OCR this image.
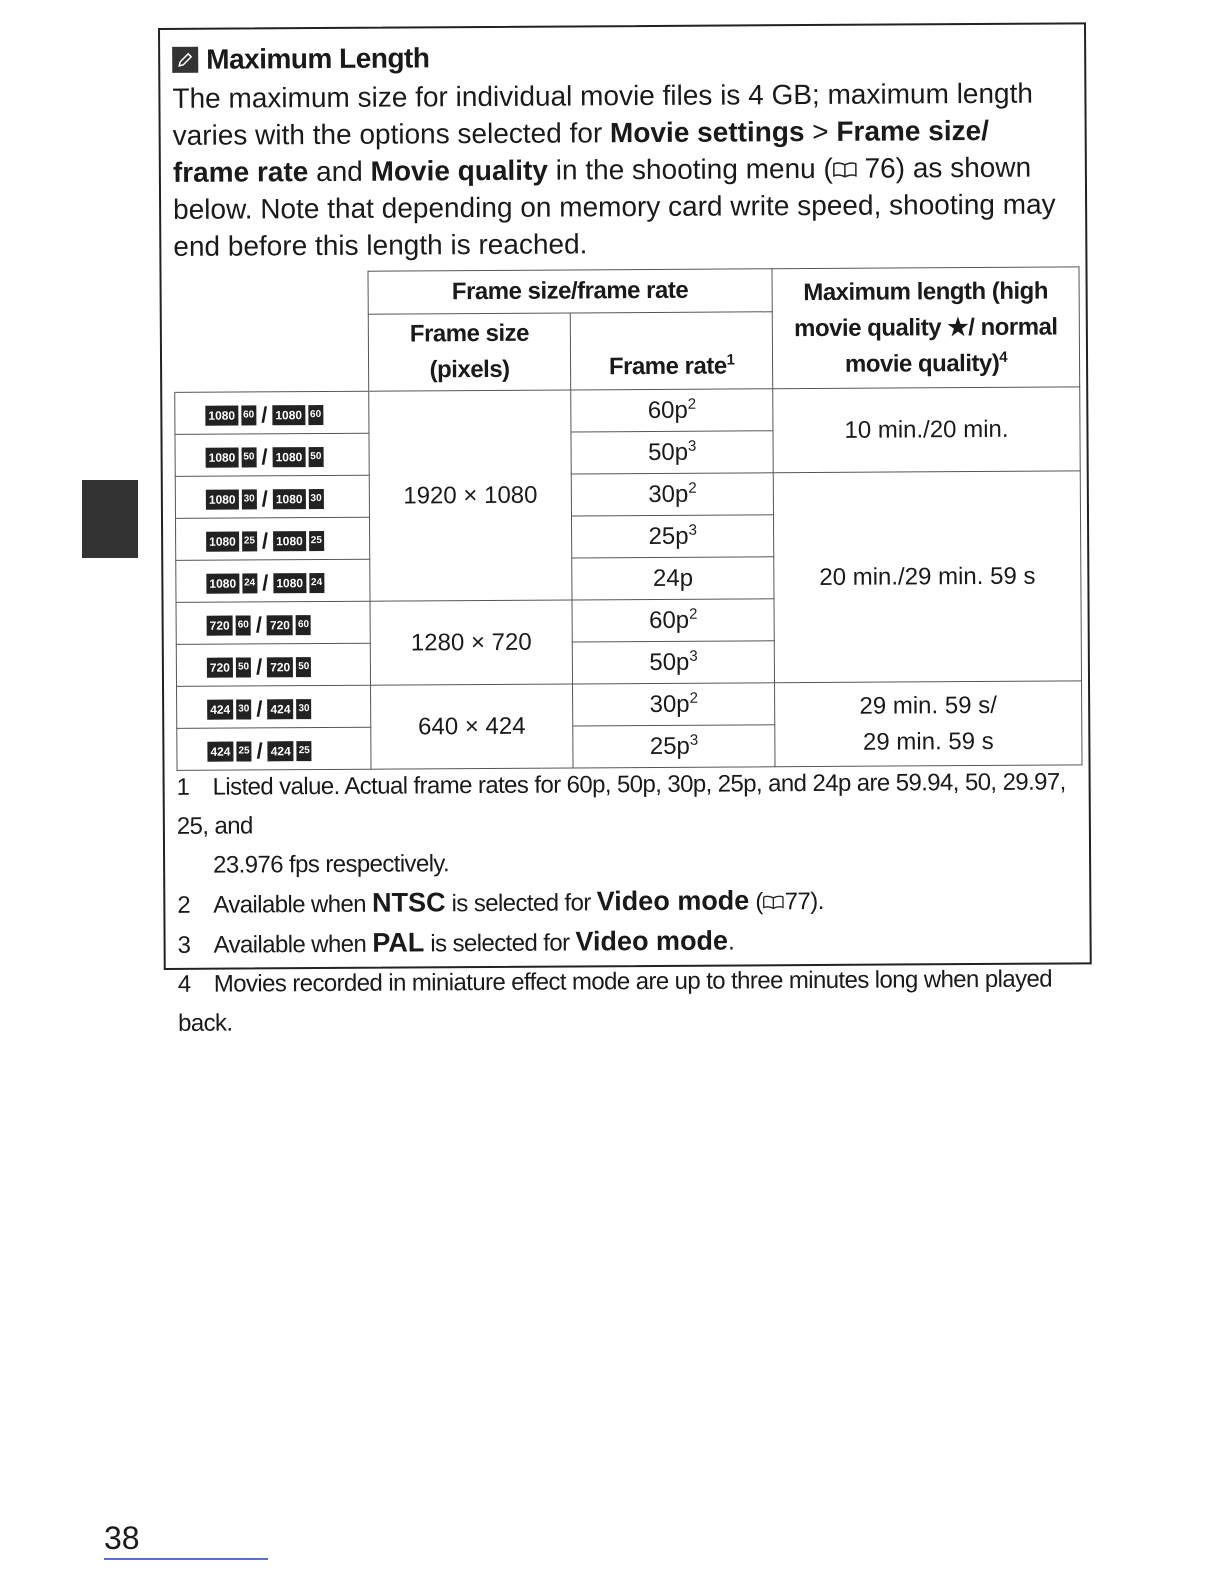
Maximum Length
The maximum size for individual movie files is 4 GB; maximum length varies with the options selected for Movie settings > Frame size/ frame rate and Movie quality in the shooting menu ( 76) as shown below. Note that depending on memory card write speed, shooting may end before this length is reached.
	Frame size/frame rate		Maximum length (high movie quality ★/ normal movie quality)$^4$
	Frame size (pixels)	Frame rate$^1$

1080 60 / 1080 60	1920 × 1080	$60p^2$	10 min./20 min.

1080 50 / 1080 50		$50p^3$

1080 30 / 1080 30		$30p^2$	20 min./29 min. 59 s

1080 25 / 1080 25		$25p^3$

1080 24 / 1080 24		24p	

720 60 / 720 60	1280 × 720	$60p^2$

720 50 / 720 50		$50p^3$

424 30 / 424 30	640 × 424	$30p^2$	29 min. 59 s/
29 min. 59 s

424 25 / 424 25		$25p^3$
1 Listed value. Actual frame rates for 60p, 50p, 30p, 25p, and 24p are 59.94, 50, 29.97, 25, and
23.976 fps respectively.
2 Available when NTSC is selected for Video mode ( 77).
3 Available when PAL is selected for Video mode.
4 Movies recorded in miniature effect mode are up to three minutes long when played back.
38
